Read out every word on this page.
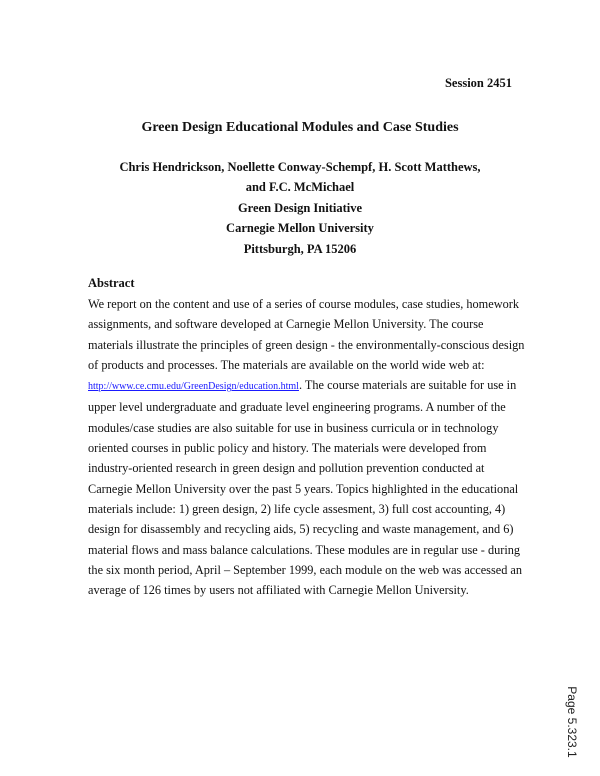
Session 2451
Green Design Educational Modules and Case Studies
Chris Hendrickson, Noellette Conway-Schempf, H. Scott Matthews,
and F.C. McMichael
Green Design Initiative
Carnegie Mellon University
Pittsburgh, PA 15206
Abstract
We report on the content and use of a series of course modules, case studies, homework
assignments, and software developed at Carnegie Mellon University. The course
materials illustrate the principles of green design - the environmentally-conscious design
of products and processes. The materials are available on the world wide web at:
http://www.ce.cmu.edu/GreenDesign/education.html. The course materials are suitable for use in
upper level undergraduate and graduate level engineering programs. A number of the
modules/case studies are also suitable for use in business curricula or in technology
oriented courses in public policy and history. The materials were developed from
industry-oriented research in green design and pollution prevention conducted at
Carnegie Mellon University over the past 5 years. Topics highlighted in the educational
materials include: 1) green design, 2) life cycle assesment, 3) full cost accounting, 4)
design for disassembly and recycling aids, 5) recycling and waste management, and 6)
material flows and mass balance calculations. These modules are in regular use - during
the six month period, April – September 1999, each module on the web was accessed an
average of 126 times by users not affiliated with Carnegie Mellon University.
Page 5.323.1
